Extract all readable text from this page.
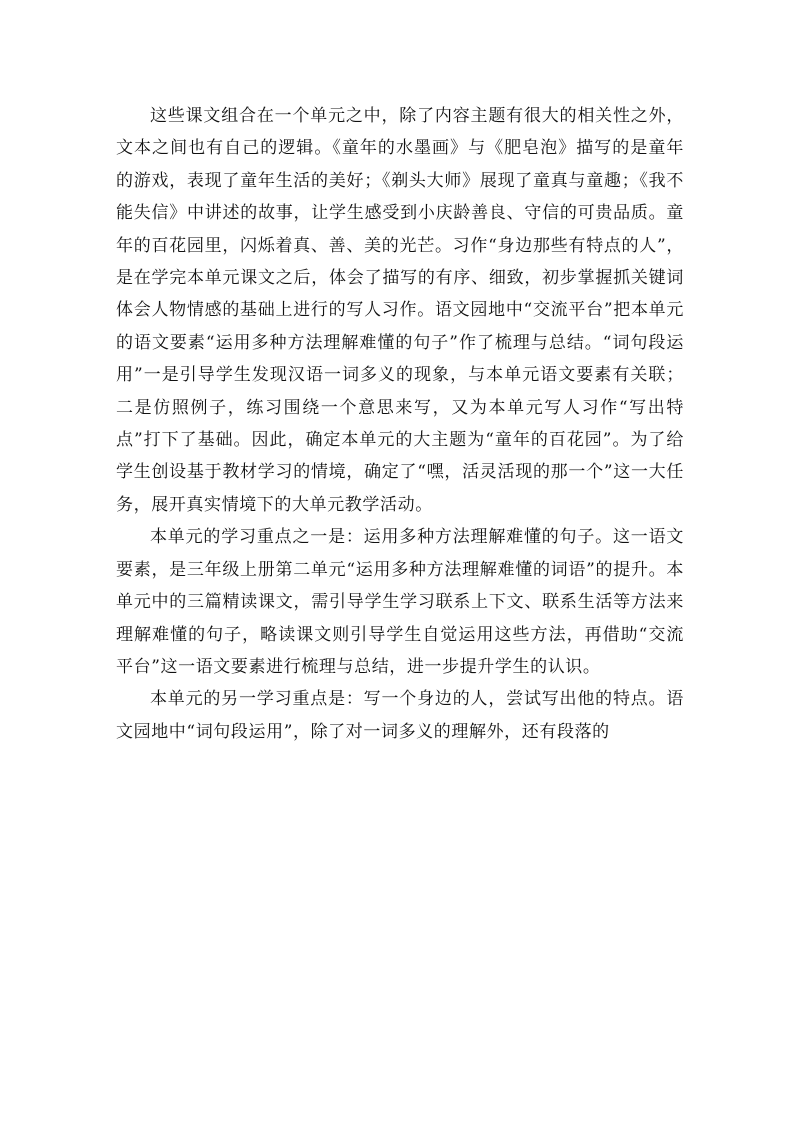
这些课文组合在一个单元之中，除了内容主题有很大的相关性之外，文本之间也有自己的逻辑。《童年的水墨画》与《肥皂泡》描写的是童年的游戏，表现了童年生活的美好；《剃头大师》展现了童真与童趣；《我不能失信》中讲述的故事，让学生感受到小庆龄善良、守信的可贵品质。童年的百花园里，闪烁着真、善、美的光芒。习作“身边那些有特点的人”，是在学完本单元课文之后，体会了描写的有序、细致，初步掌握抓关键词体会人物情感的基础上进行的写人习作。语文园地中“交流平台”把本单元的语文要素“运用多种方法理解难懂的句子”作了梳理与总结。“词句段运用”一是引导学生发现汉语一词多义的现象，与本单元语文要素有关联；二是仿照例子，练习围绕一个意思来写，又为本单元写人习作“写出特点”打下了基础。因此，确定本单元的大主题为“童年的百花园”。为了给学生创设基于教材学习的情境，确定了“嘿，活灵活现的那一个”这一大任务，展开真实情境下的大单元教学活动。

本单元的学习重点之一是：运用多种方法理解难懂的句子。这一语文要素，是三年级上册第二单元“运用多种方法理解难懂的词语”的提升。本单元中的三篇精读课文，需引导学生学习联系上下文、联系生活等方法来理解难懂的句子，略读课文则引导学生自觉运用这些方法，再借助“交流平台”这一语文要素进行梳理与总结，进一步提升学生的认识。

本单元的另一学习重点是：写一个身边的人，尝试写出他的特点。语文园地中“词句段运用”，除了对一词多义的理解外，还有段落的
